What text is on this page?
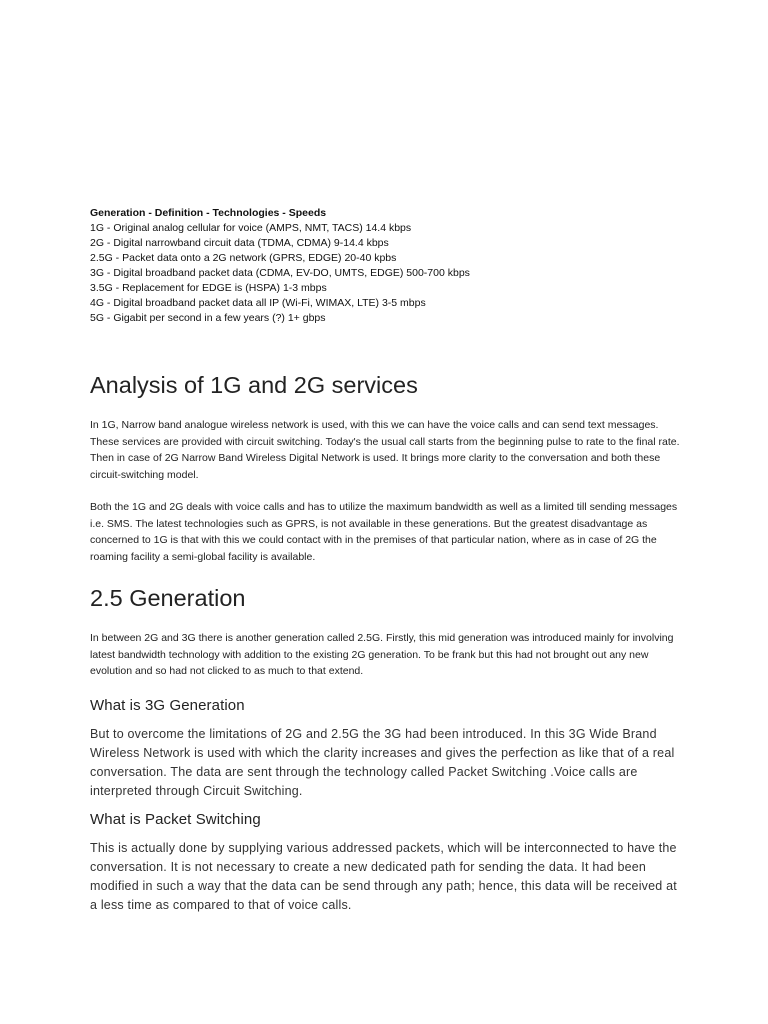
Generation - Definition - Technologies - Speeds
1G - Original analog cellular for voice (AMPS, NMT, TACS) 14.4 kbps
2G - Digital narrowband circuit data (TDMA, CDMA) 9-14.4 kbps
2.5G - Packet data onto a 2G network (GPRS, EDGE) 20-40 kpbs
3G - Digital broadband packet data (CDMA, EV-DO, UMTS, EDGE) 500-700 kbps
3.5G - Replacement for EDGE is (HSPA) 1-3 mbps
4G - Digital broadband packet data all IP (Wi-Fi, WIMAX, LTE) 3-5 mbps
5G - Gigabit per second in a few years (?) 1+ gbps
Analysis of 1G and 2G services

In 1G, Narrow band analogue wireless network is used, with this we can have the voice calls and can send text messages. These services are provided with circuit switching. Today's the usual call starts from the beginning pulse to rate to the final rate. Then in case of 2G Narrow Band Wireless Digital Network is used. It brings more clarity to the conversation and both these circuit-switching model.

Both the 1G and 2G deals with voice calls and has to utilize the maximum bandwidth as well as a limited till sending messages i.e. SMS. The latest technologies such as GPRS, is not available in these generations. But the greatest disadvantage as concerned to 1G is that with this we could contact with in the premises of that particular nation, where as in case of 2G the roaming facility a semi-global facility is available.

2.5 Generation

In between 2G and 3G there is another generation called 2.5G. Firstly, this mid generation was introduced mainly for involving latest bandwidth technology with addition to the existing 2G generation. To be frank but this had not brought out any new evolution and so had not clicked to as much to that extend.

What is 3G Generation

But to overcome the limitations of 2G and 2.5G the 3G had been introduced. In this 3G Wide Brand Wireless Network is used with which the clarity increases and gives the perfection as like that of a real conversation. The data are sent through the technology called Packet Switching .Voice calls are interpreted through Circuit Switching.

What is Packet Switching

This is actually done by supplying various addressed packets, which will be interconnected to have the conversation. It is not necessary to create a new dedicated path for sending the data. It had been modified in such a way that the data can be send through any path; hence, this data will be received at a less time as compared to that of voice calls.
